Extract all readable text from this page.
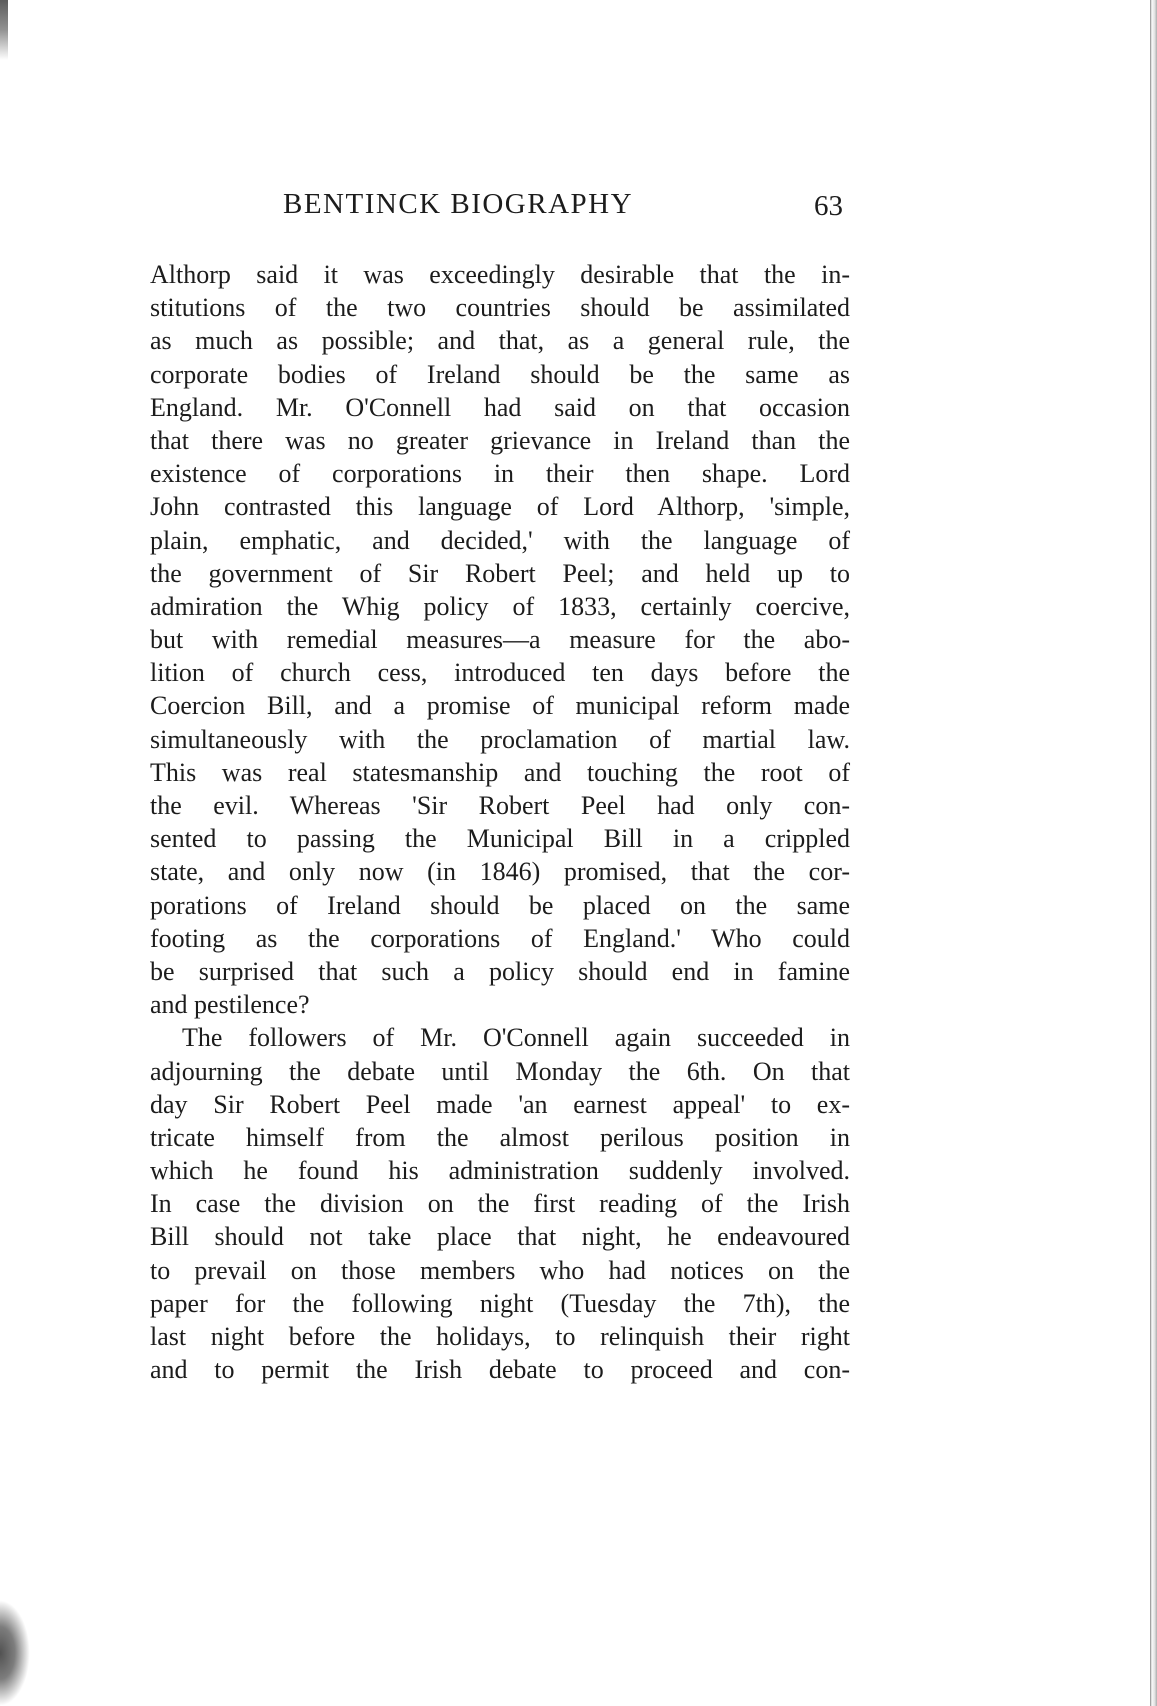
BENTINCK BIOGRAPHY	63
Althorp said it was exceedingly desirable that the in-
stitutions of the two countries should be assimilated
as much as possible; and that, as a general rule, the
corporate bodies of Ireland should be the same as
England. Mr. O'Connell had said on that occasion
that there was no greater grievance in Ireland than the
existence of corporations in their then shape. Lord
John contrasted this language of Lord Althorp, 'simple,
plain, emphatic, and decided,' with the language of
the government of Sir Robert Peel; and held up to
admiration the Whig policy of 1833, certainly coercive,
but with remedial measures—a measure for the abo-
lition of church cess, introduced ten days before the
Coercion Bill, and a promise of municipal reform made
simultaneously with the proclamation of martial law.
This was real statesmanship and touching the root of
the evil. Whereas 'Sir Robert Peel had only con-
sented to passing the Municipal Bill in a crippled
state, and only now (in 1846) promised, that the cor-
porations of Ireland should be placed on the same
footing as the corporations of England.' Who could
be surprised that such a policy should end in famine
and pestilence?
The followers of Mr. O'Connell again succeeded in
adjourning the debate until Monday the 6th. On that
day Sir Robert Peel made 'an earnest appeal' to ex-
tricate himself from the almost perilous position in
which he found his administration suddenly involved.
In case the division on the first reading of the Irish
Bill should not take place that night, he endeavoured
to prevail on those members who had notices on the
paper for the following night (Tuesday the 7th), the
last night before the holidays, to relinquish their right
and to permit the Irish debate to proceed and con-
